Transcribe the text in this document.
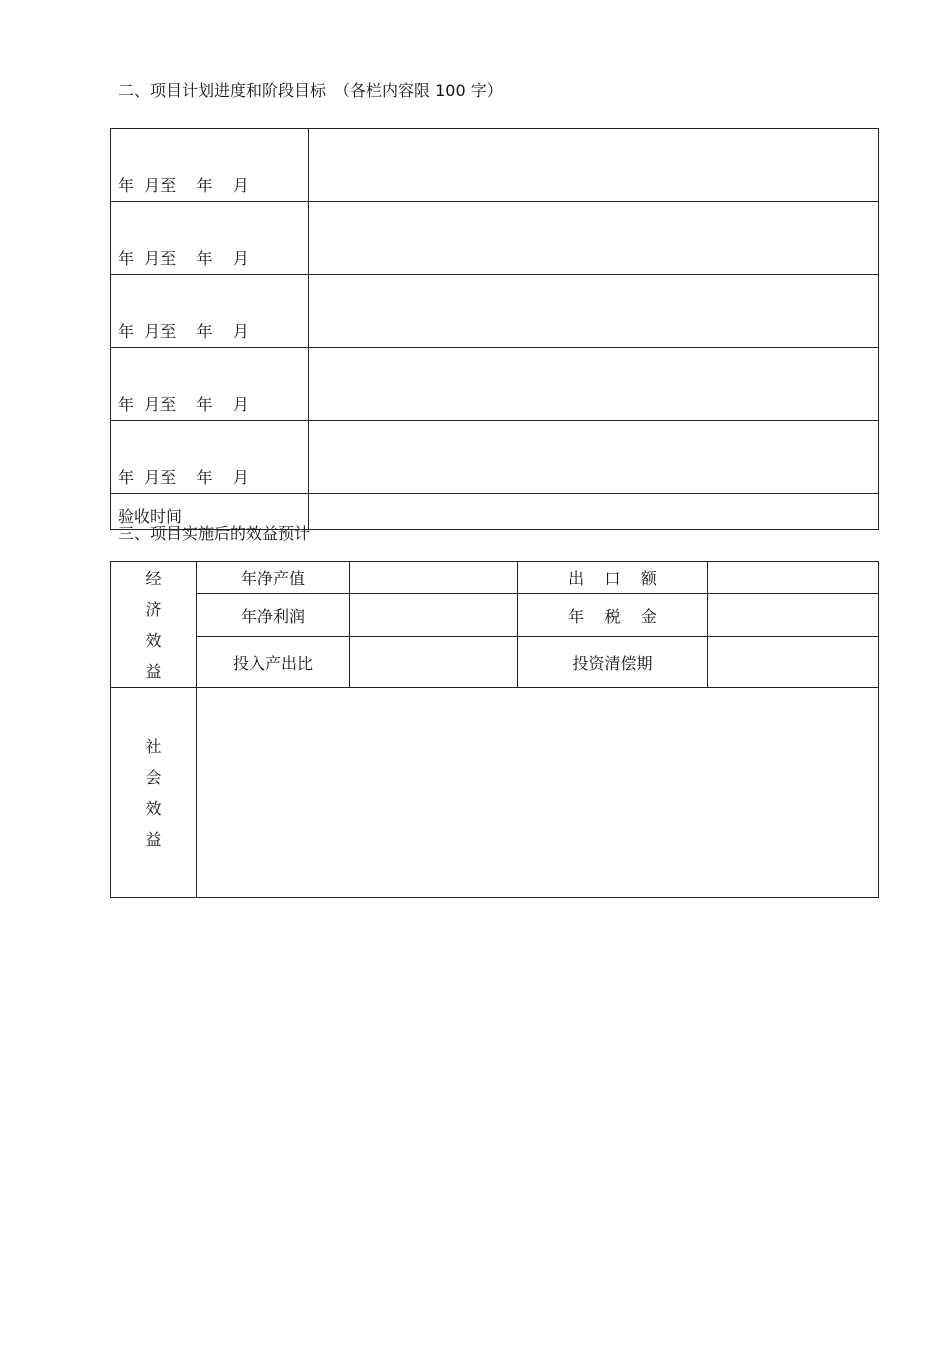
二、项目计划进度和阶段目标　（各栏内容限 100 字）
年  月至    年    月	
年  月至    年    月	
年  月至    年    月	
年  月至    年    月	
年  月至    年    月	
验收时间	
三、项目实施后的效益预计
经济效益	年净产值		出    口    额	
	年净利润		年    税    金	
	投入产出比		投资清偿期	
社会效益				
